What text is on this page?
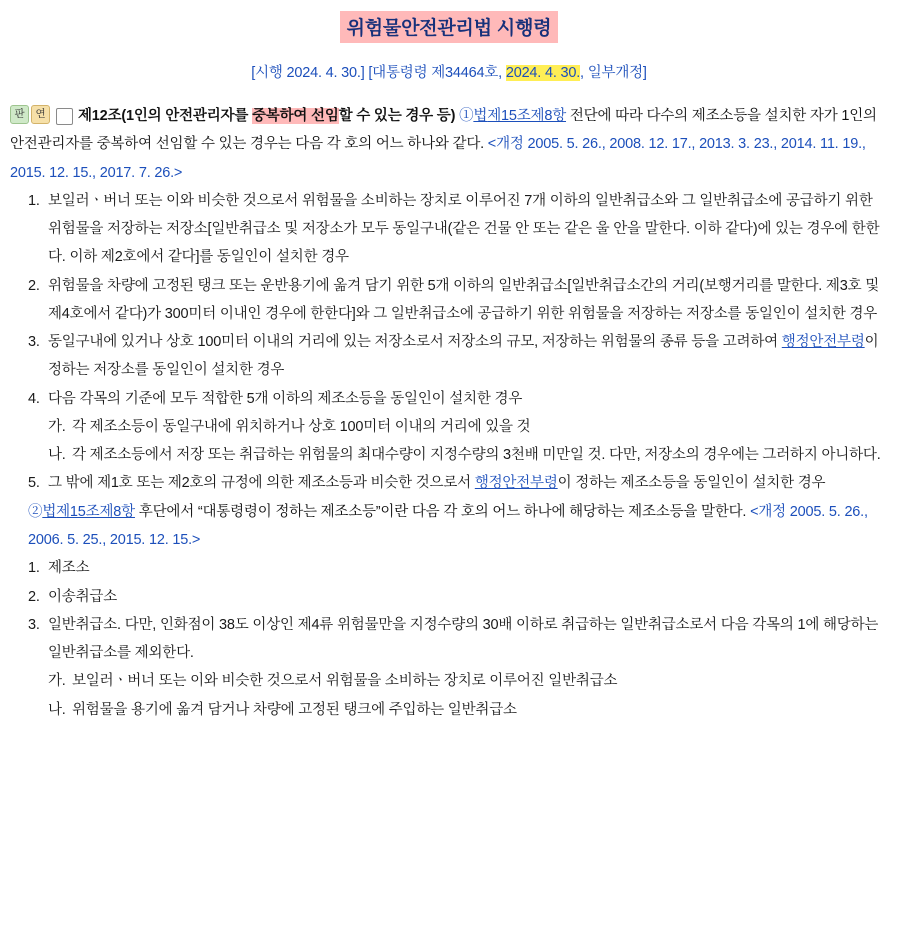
위험물안전관리법 시행령
[시행 2024. 4. 30.] [대통령령 제34464호, 2024. 4. 30., 일부개정]
판 연 제12조(1인의 안전관리자를 중복하여 선임할 수 있는 경우 등) ①법제15조제8항 전단에 따라 다수의 제조소등을 설치한 자가 1인의 안전관리자를 중복하여 선임할 수 있는 경우는 다음 각 호의 어느 하나와 같다. <개정 2005. 5. 26., 2008. 12. 17., 2013. 3. 23., 2014. 11. 19., 2015. 12. 15., 2017. 7. 26.>
1. 보일러ㆍ버너 또는 이와 비슷한 것으로서 위험물을 소비하는 장치로 이루어진 7개 이하의 일반취급소와 그 일반취급소에 공급하기 위한 위험물을 저장하는 저장소[일반취급소 및 저장소가 모두 동일구내(같은 건물 안 또는 같은 울 안을 말한다. 이하 같다)에 있는 경우에 한한다. 이하 제2호에서 같다]를 동일인이 설치한 경우
2. 위험물을 차량에 고정된 탱크 또는 운반용기에 옮겨 담기 위한 5개 이하의 일반취급소[일반취급소간의 거리(보행거리를 말한다. 제3호 및 제4호에서 같다)가 300미터 이내인 경우에 한한다]와 그 일반취급소에 공급하기 위한 위험물을 저장하는 저장소를 동일인이 설치한 경우
3. 동일구내에 있거나 상호 100미터 이내의 거리에 있는 저장소로서 저장소의 규모, 저장하는 위험물의 종류 등을 고려하여 행정안전부령이 정하는 저장소를 동일인이 설치한 경우
4. 다음 각목의 기준에 모두 적합한 5개 이하의 제조소등을 동일인이 설치한 경우
가. 각 제조소등이 동일구내에 위치하거나 상호 100미터 이내의 거리에 있을 것
나. 각 제조소등에서 저장 또는 취급하는 위험물의 최대수량이 지정수량의 3천배 미만일 것. 다만, 저장소의 경우에는 그러하지 아니하다.
5. 그 밖에 제1호 또는 제2호의 규정에 의한 제조소등과 비슷한 것으로서 행정안전부령이 정하는 제조소등을 동일인이 설치한 경우
②법제15조제8항 후단에서 “대통령령이 정하는 제조소등”이란 다음 각 호의 어느 하나에 해당하는 제조소등을 말한다. <개정 2005. 5. 26., 2006. 5. 25., 2015. 12. 15.>
1. 제조소
2. 이송취급소
3. 일반취급소. 다만, 인화점이 38도 이상인 제4류 위험물만을 지정수량의 30배 이하로 취급하는 일반취급소로서 다음 각목의 1에 해당하는 일반취급소를 제외한다.
가. 보일러ㆍ버너 또는 이와 비슷한 것으로서 위험물을 소비하는 장치로 이루어진 일반취급소
나. 위험물을 용기에 옮겨 담거나 차량에 고정된 탱크에 주입하는 일반취급소
